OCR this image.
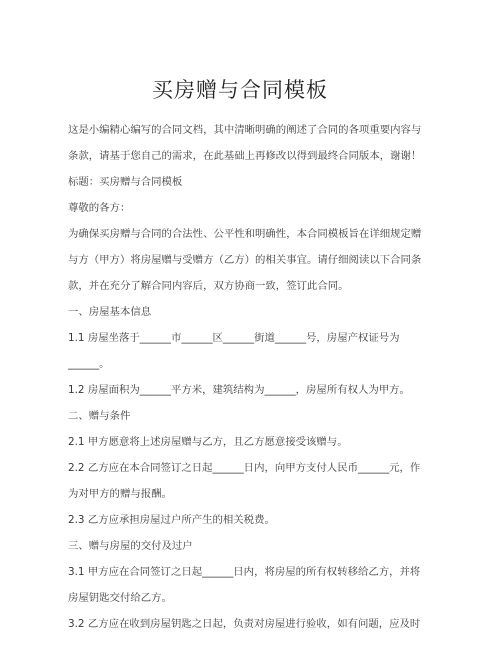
买房赠与合同模板
这是小编精心编写的合同文档，其中清晰明确的阐述了合同的各项重要内容与
条款，请基于您自己的需求，在此基础上再修改以得到最终合同版本，谢谢！
标题：买房赠与合同模板
尊敬的各方：
为确保买房赠与合同的合法性、公平性和明确性，本合同模板旨在详细规定赠
与方（甲方）将房屋赠与受赠方（乙方）的相关事宜。请仔细阅读以下合同条
款，并在充分了解合同内容后，双方协商一致，签订此合同。
一、房屋基本信息
1.1 房屋坐落于______市______区______街道______号，房屋产权证号为
______。
1.2 房屋面积为______平方米，建筑结构为______，房屋所有权人为甲方。
二、赠与条件
2.1 甲方愿意将上述房屋赠与乙方，且乙方愿意接受该赠与。
2.2 乙方应在本合同签订之日起______日内，向甲方支付人民币______元，作
为对甲方的赠与报酬。
2.3 乙方应承担房屋过户所产生的相关税费。
三、赠与房屋的交付及过户
3.1 甲方应在合同签订之日起______日内，将房屋的所有权转移给乙方，并将
房屋钥匙交付给乙方。
3.2 乙方应在收到房屋钥匙之日起，负责对房屋进行验收，如有问题，应及时
